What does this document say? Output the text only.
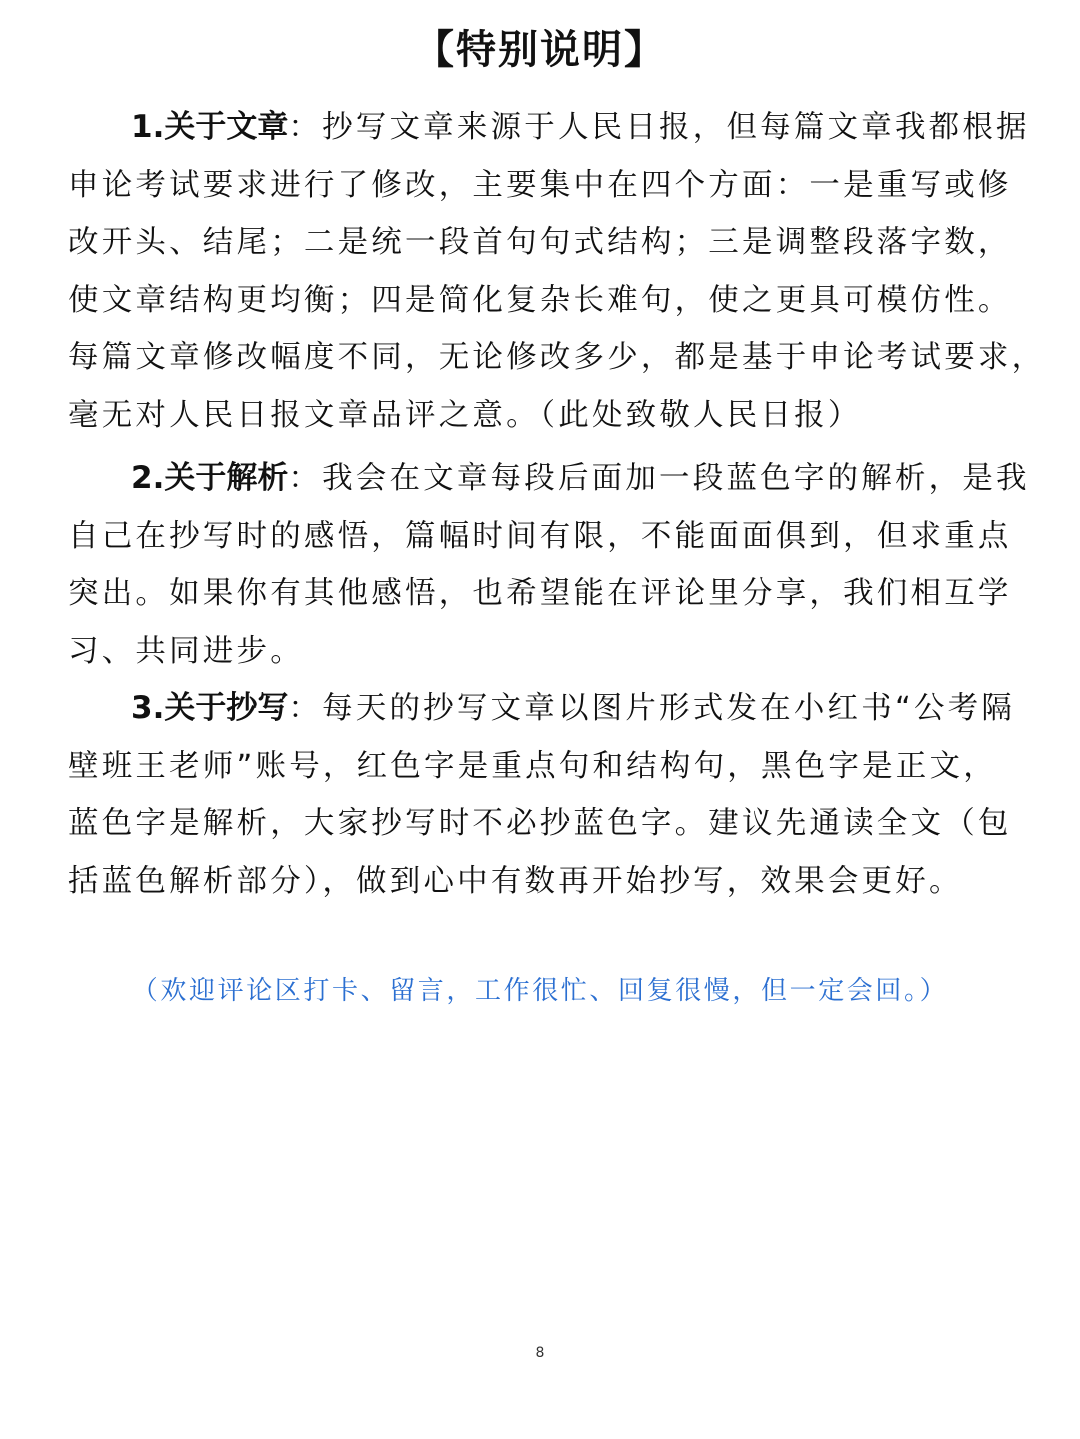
【特别说明】
1.关于文章：抄写文章来源于人民日报，但每篇文章我都根据
申论考试要求进行了修改，主要集中在四个方面：一是重写或修
改开头、结尾；二是统一段首句句式结构；三是调整段落字数，
使文章结构更均衡；四是简化复杂长难句，使之更具可模仿性。
每篇文章修改幅度不同，无论修改多少，都是基于申论考试要求，
毫无对人民日报文章品评之意。（此处致敬人民日报）
2.关于解析：我会在文章每段后面加一段蓝色字的解析，是我
自己在抄写时的感悟，篇幅时间有限，不能面面俱到，但求重点
突出。如果你有其他感悟，也希望能在评论里分享，我们相互学
习、共同进步。
3.关于抄写：每天的抄写文章以图片形式发在小红书“公考隔
壁班王老师”账号，红色字是重点句和结构句，黑色字是正文，
蓝色字是解析，大家抄写时不必抄蓝色字。建议先通读全文（包
括蓝色解析部分），做到心中有数再开始抄写，效果会更好。
（欢迎评论区打卡、留言，工作很忙、回复很慢，但一定会回。）
8
